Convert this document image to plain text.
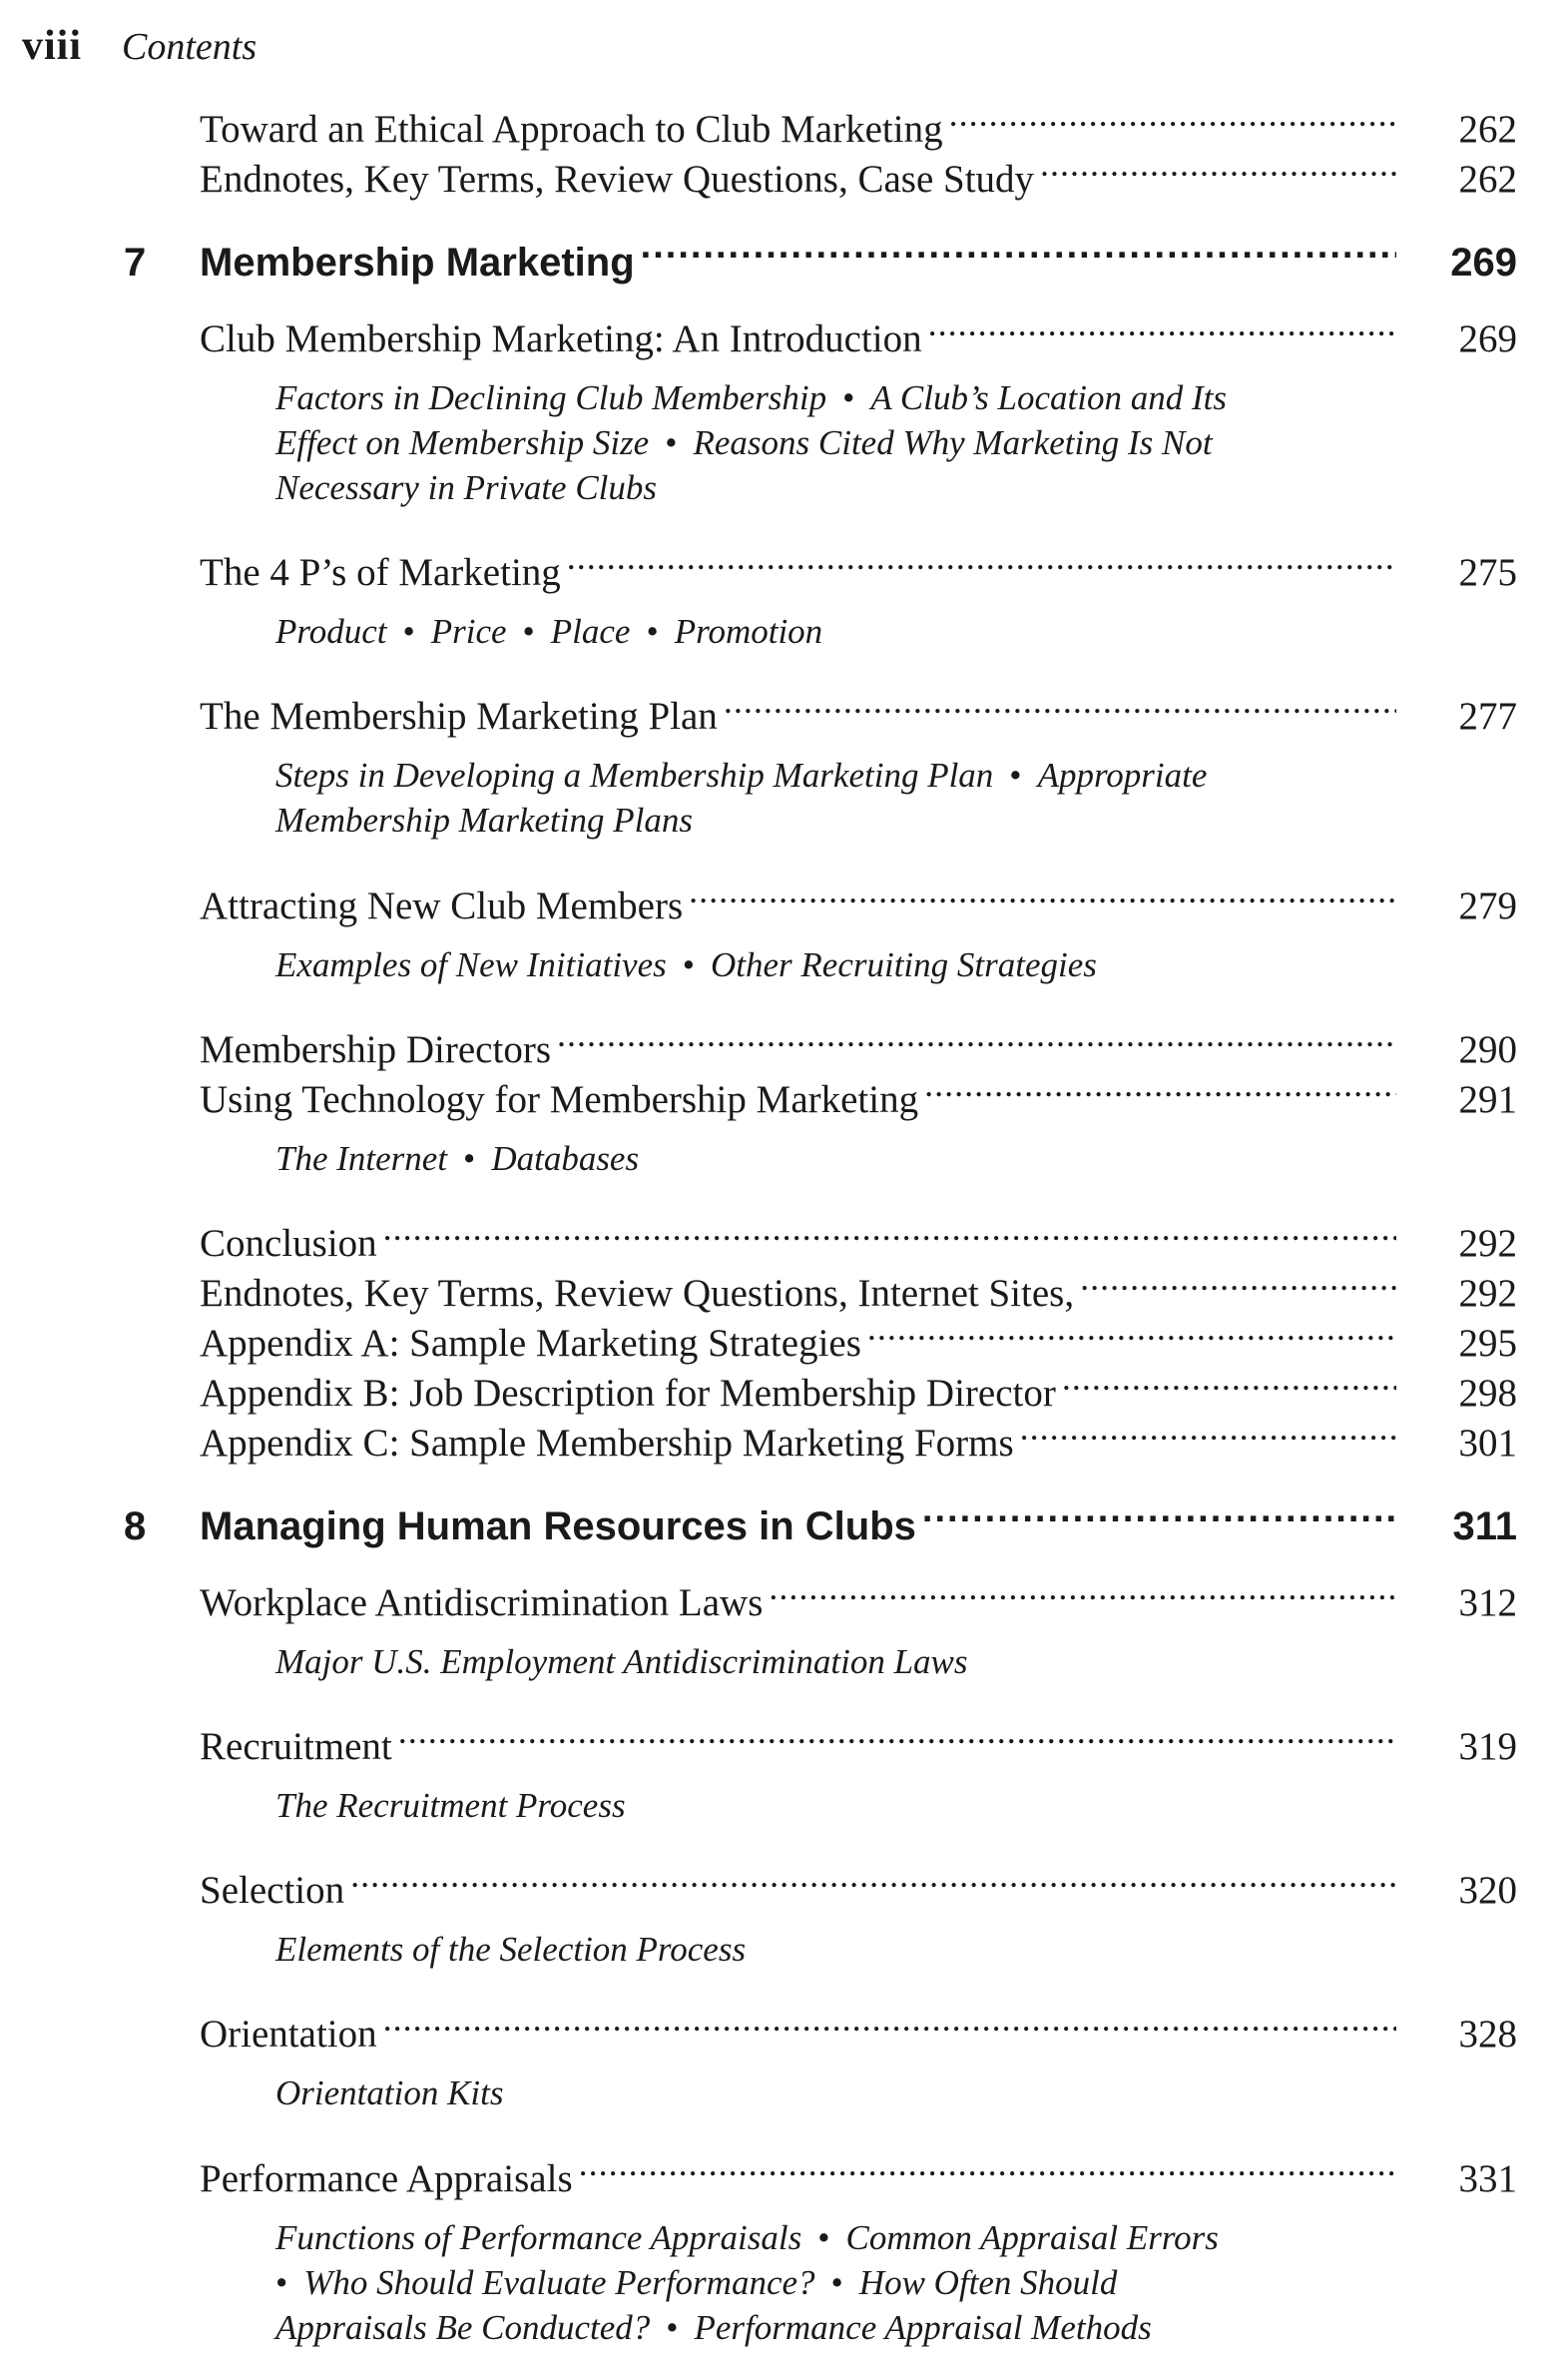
viii Contents
Toward an Ethical Approach to Club Marketing .....	262
Endnotes, Key Terms, Review Questions, Case Study .....	262
7	Membership Marketing .....	269
Club Membership Marketing: An Introduction .....	269
Factors in Declining Club Membership • A Club’s Location and Its
Effect on Membership Size • Reasons Cited Why Marketing Is Not
Necessary in Private Clubs
The 4 P’s of Marketing .....	275
Product • Price • Place • Promotion
The Membership Marketing Plan .....	277
Steps in Developing a Membership Marketing Plan • Appropriate
Membership Marketing Plans
Attracting New Club Members .....	279
Examples of New Initiatives • Other Recruiting Strategies
Membership Directors .....	290
Using Technology for Membership Marketing .....	291
The Internet • Databases
Conclusion .....	292
Endnotes, Key Terms, Review Questions, Internet Sites, .....	292
Appendix A: Sample Marketing Strategies .....	295
Appendix B: Job Description for Membership Director .....	298
Appendix C: Sample Membership Marketing Forms .....	301
8	Managing Human Resources in Clubs .....	311
Workplace Antidiscrimination Laws .....	312
Major U.S. Employment Antidiscrimination Laws
Recruitment .....	319
The Recruitment Process
Selection .....	320
Elements of the Selection Process
Orientation .....	328
Orientation Kits
Performance Appraisals .....	331
Functions of Performance Appraisals • Common Appraisal Errors
• Who Should Evaluate Performance? • How Often Should
Appraisals Be Conducted? • Performance Appraisal Methods
